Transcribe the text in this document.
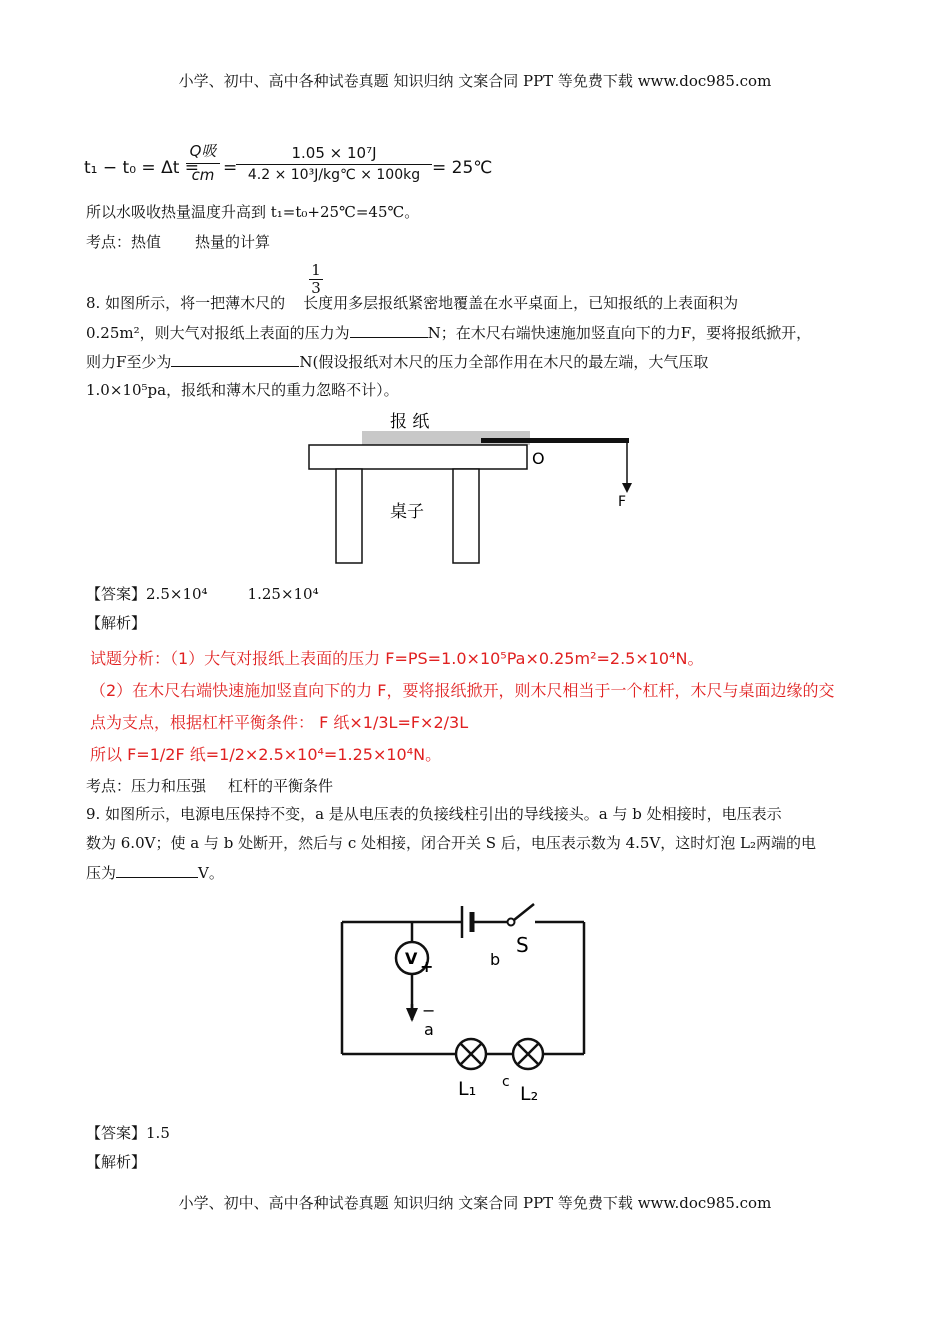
小学、初中、高中各种试卷真题 知识归纳 文案合同 PPT 等免费下载 www.doc985.com
t₁ − t₀ = Δt =
Q吸
cm =
$\frac{\text{1.05 × 10⁷J}}{\text{4.2 × 10³J/kg℃ × 100kg}}$ = 25℃
所以水吸收热量温度升高到 t₁=t₀+25℃=45℃。
考点：热值 热量的计算
$\frac{1}{3}$
8. 如图所示，将一把薄木尺的 长度用多层报纸紧密地覆盖在水平桌面上，已知报纸的上表面积为
0.25m²，则大气对报纸上表面的压力为	N；在木尺右端快速施加竖直向下的力F，要将报纸掀开，
则力F至少为	N(假设报纸对木尺的压力全部作用在木尺的最左端，大气压取
1.0×10⁵pa，报纸和薄木尺的重力忽略不计）。
报 纸
O
F
桌子
【答案】2.5×10⁴	1.25×10⁴
【解析】
试题分析：（1）大气对报纸上表面的压力 F=PS=1.0×10⁵Pa×0.25m²=2.5×10⁴N。
（2）在木尺右端快速施加竖直向下的力 F，要将报纸掀开，则木尺相当于一个杠杆，木尺与桌面边缘的交
点为支点，根据杠杆平衡条件： F 纸×1/3L=F×2/3L
所以 F=1/2F 纸=1/2×2.5×10⁴=1.25×10⁴N。
考点：压力和压强 杠杆的平衡条件
9. 如图所示，电源电压保持不变，a 是从电压表的负接线柱引出的导线接头。a 与 b 处相接时，电压表示
数为 6.0V；使 a 与 b 处断开，然后与 c 处相接，闭合开关 S 后，电压表示数为 4.5V，这时灯泡 L₂两端的电
压为	V。
S
b
+
−
V
a
c
L₁ L₂
【答案】1.5
【解析】
小学、初中、高中各种试卷真题 知识归纳 文案合同 PPT 等免费下载 www.doc985.com
